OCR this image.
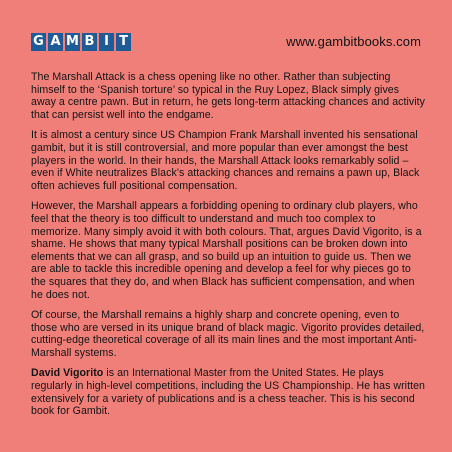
G A M B I T	www.gambitbooks.com

The Marshall Attack is a chess opening like no other. Rather than subjecting himself to the ‘Spanish torture’ so typical in the Ruy Lopez, Black simply gives away a centre pawn. But in return, he gets long-term attacking chances and activity that can persist well into the endgame.

It is almost a century since US Champion Frank Marshall invented his sensational gambit, but it is still controversial, and more popular than ever amongst the best players in the world. In their hands, the Marshall Attack looks remarkably solid – even if White neutralizes Black’s attacking chances and remains a pawn up, Black often achieves full positional compensation.

However, the Marshall appears a forbidding opening to ordinary club players, who feel that the theory is too difficult to understand and much too complex to memorize. Many simply avoid it with both colours. That, argues David Vigorito, is a shame. He shows that many typical Marshall positions can be broken down into elements that we can all grasp, and so build up an intuition to guide us. Then we are able to tackle this incredible opening and develop a feel for why pieces go to the squares that they do, and when Black has sufficient compensation, and when he does not.

Of course, the Marshall remains a highly sharp and concrete opening, even to those who are versed in its unique brand of black magic. Vigorito provides detailed, cutting-edge theoretical coverage of all its main lines and the most important Anti-Marshall systems.

David Vigorito is an International Master from the United States. He plays regularly in high-level competitions, including the US Championship. He has written extensively for a variety of publications and is a chess teacher. This is his second book for Gambit.
